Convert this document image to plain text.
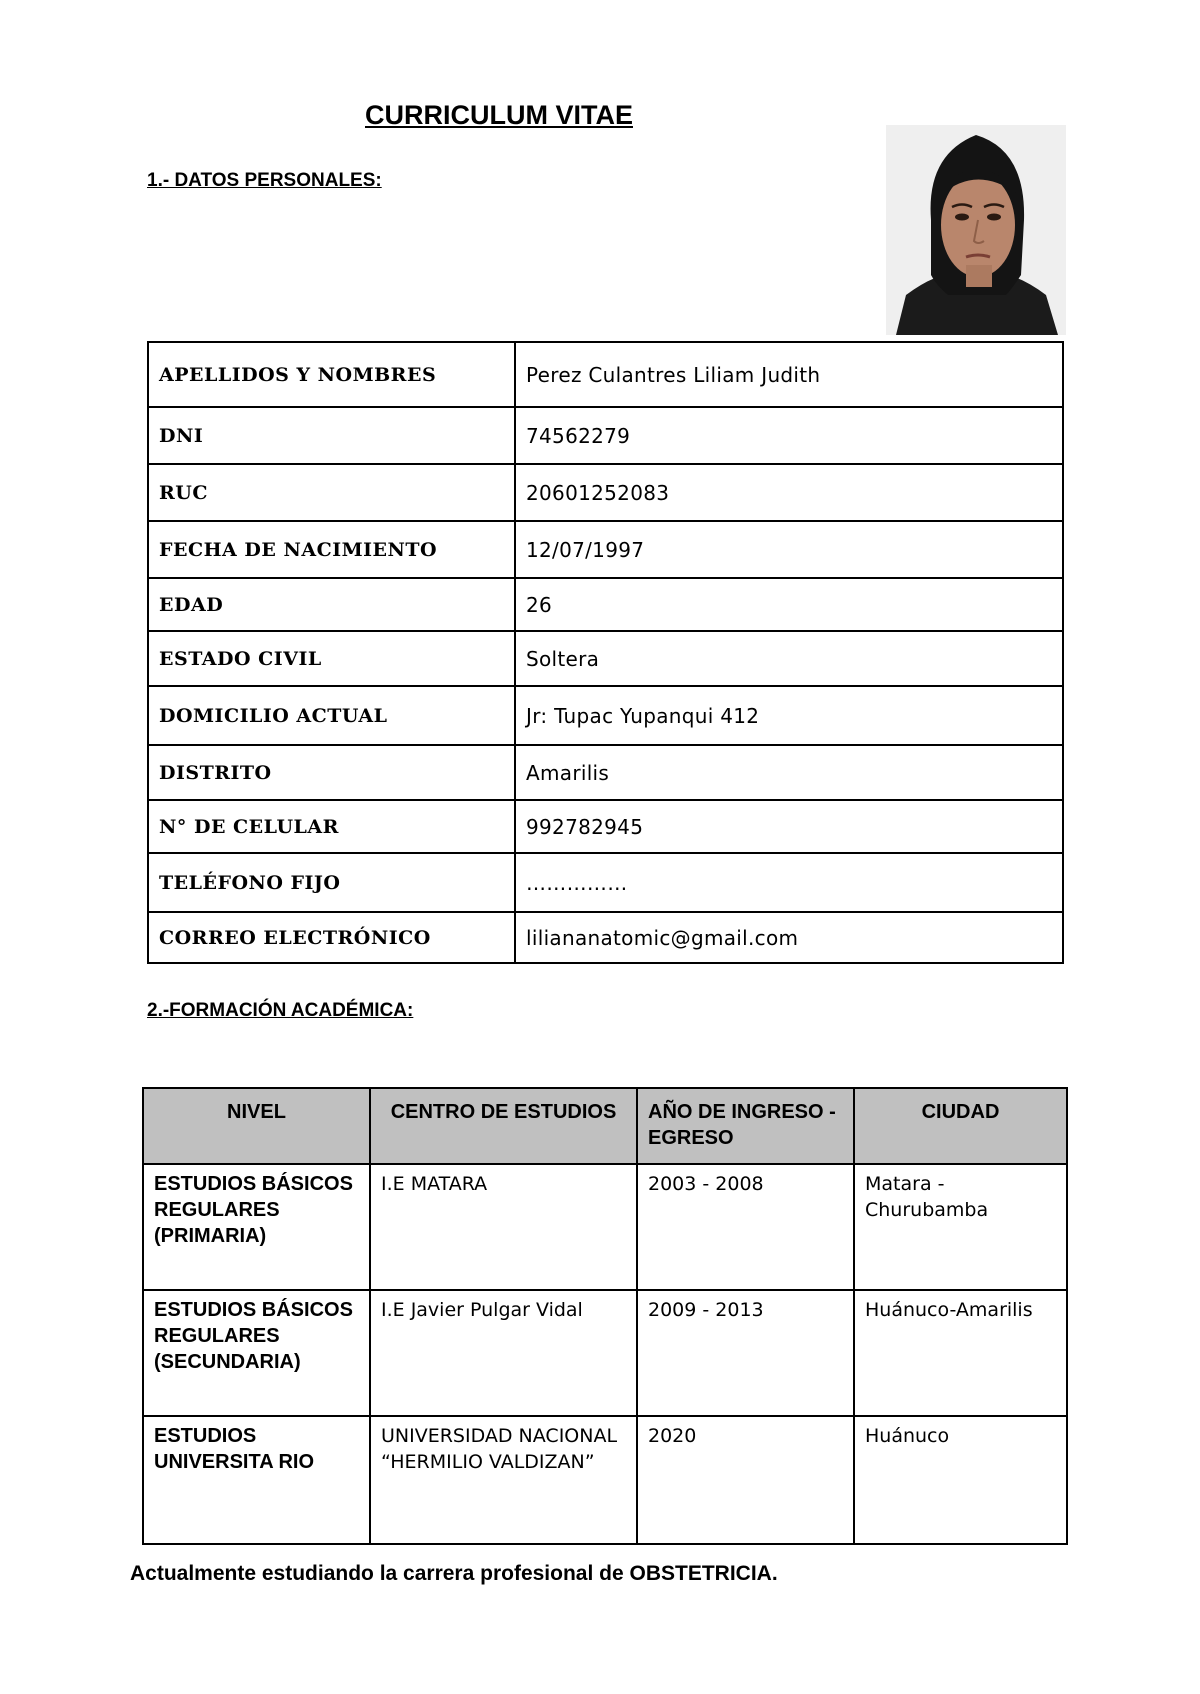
CURRICULUM VITAE
1.- DATOS PERSONALES:
APELLIDOS Y NOMBRES	Perez Culantres Liliam Judith
DNI	74562279
RUC	20601252083
FECHA DE NACIMIENTO	12/07/1997
EDAD	26
ESTADO CIVIL	Soltera
DOMICILIO ACTUAL	Jr: Tupac Yupanqui 412
DISTRITO	Amarilis
N° DE CELULAR	992782945
TELÉFONO FIJO	……………
CORREO ELECTRÓNICO	liliananatomic@gmail.com
2.-FORMACIÓN ACADÉMICA:
NIVEL	CENTRO DE ESTUDIOS	AÑO DE INGRESO - EGRESO	CIUDAD
ESTUDIOS BÁSICOS REGULARES (PRIMARIA)	I.E MATARA	2003 - 2008	Matara - Churubamba
ESTUDIOS BÁSICOS REGULARES (SECUNDARIA)	I.E Javier Pulgar Vidal	2009 - 2013	Huánuco-Amarilis
ESTUDIOS UNIVERSITA RIO	UNIVERSIDAD NACIONAL “HERMILIO VALDIZAN”	2020	Huánuco
Actualmente estudiando la carrera profesional de OBSTETRICIA.
